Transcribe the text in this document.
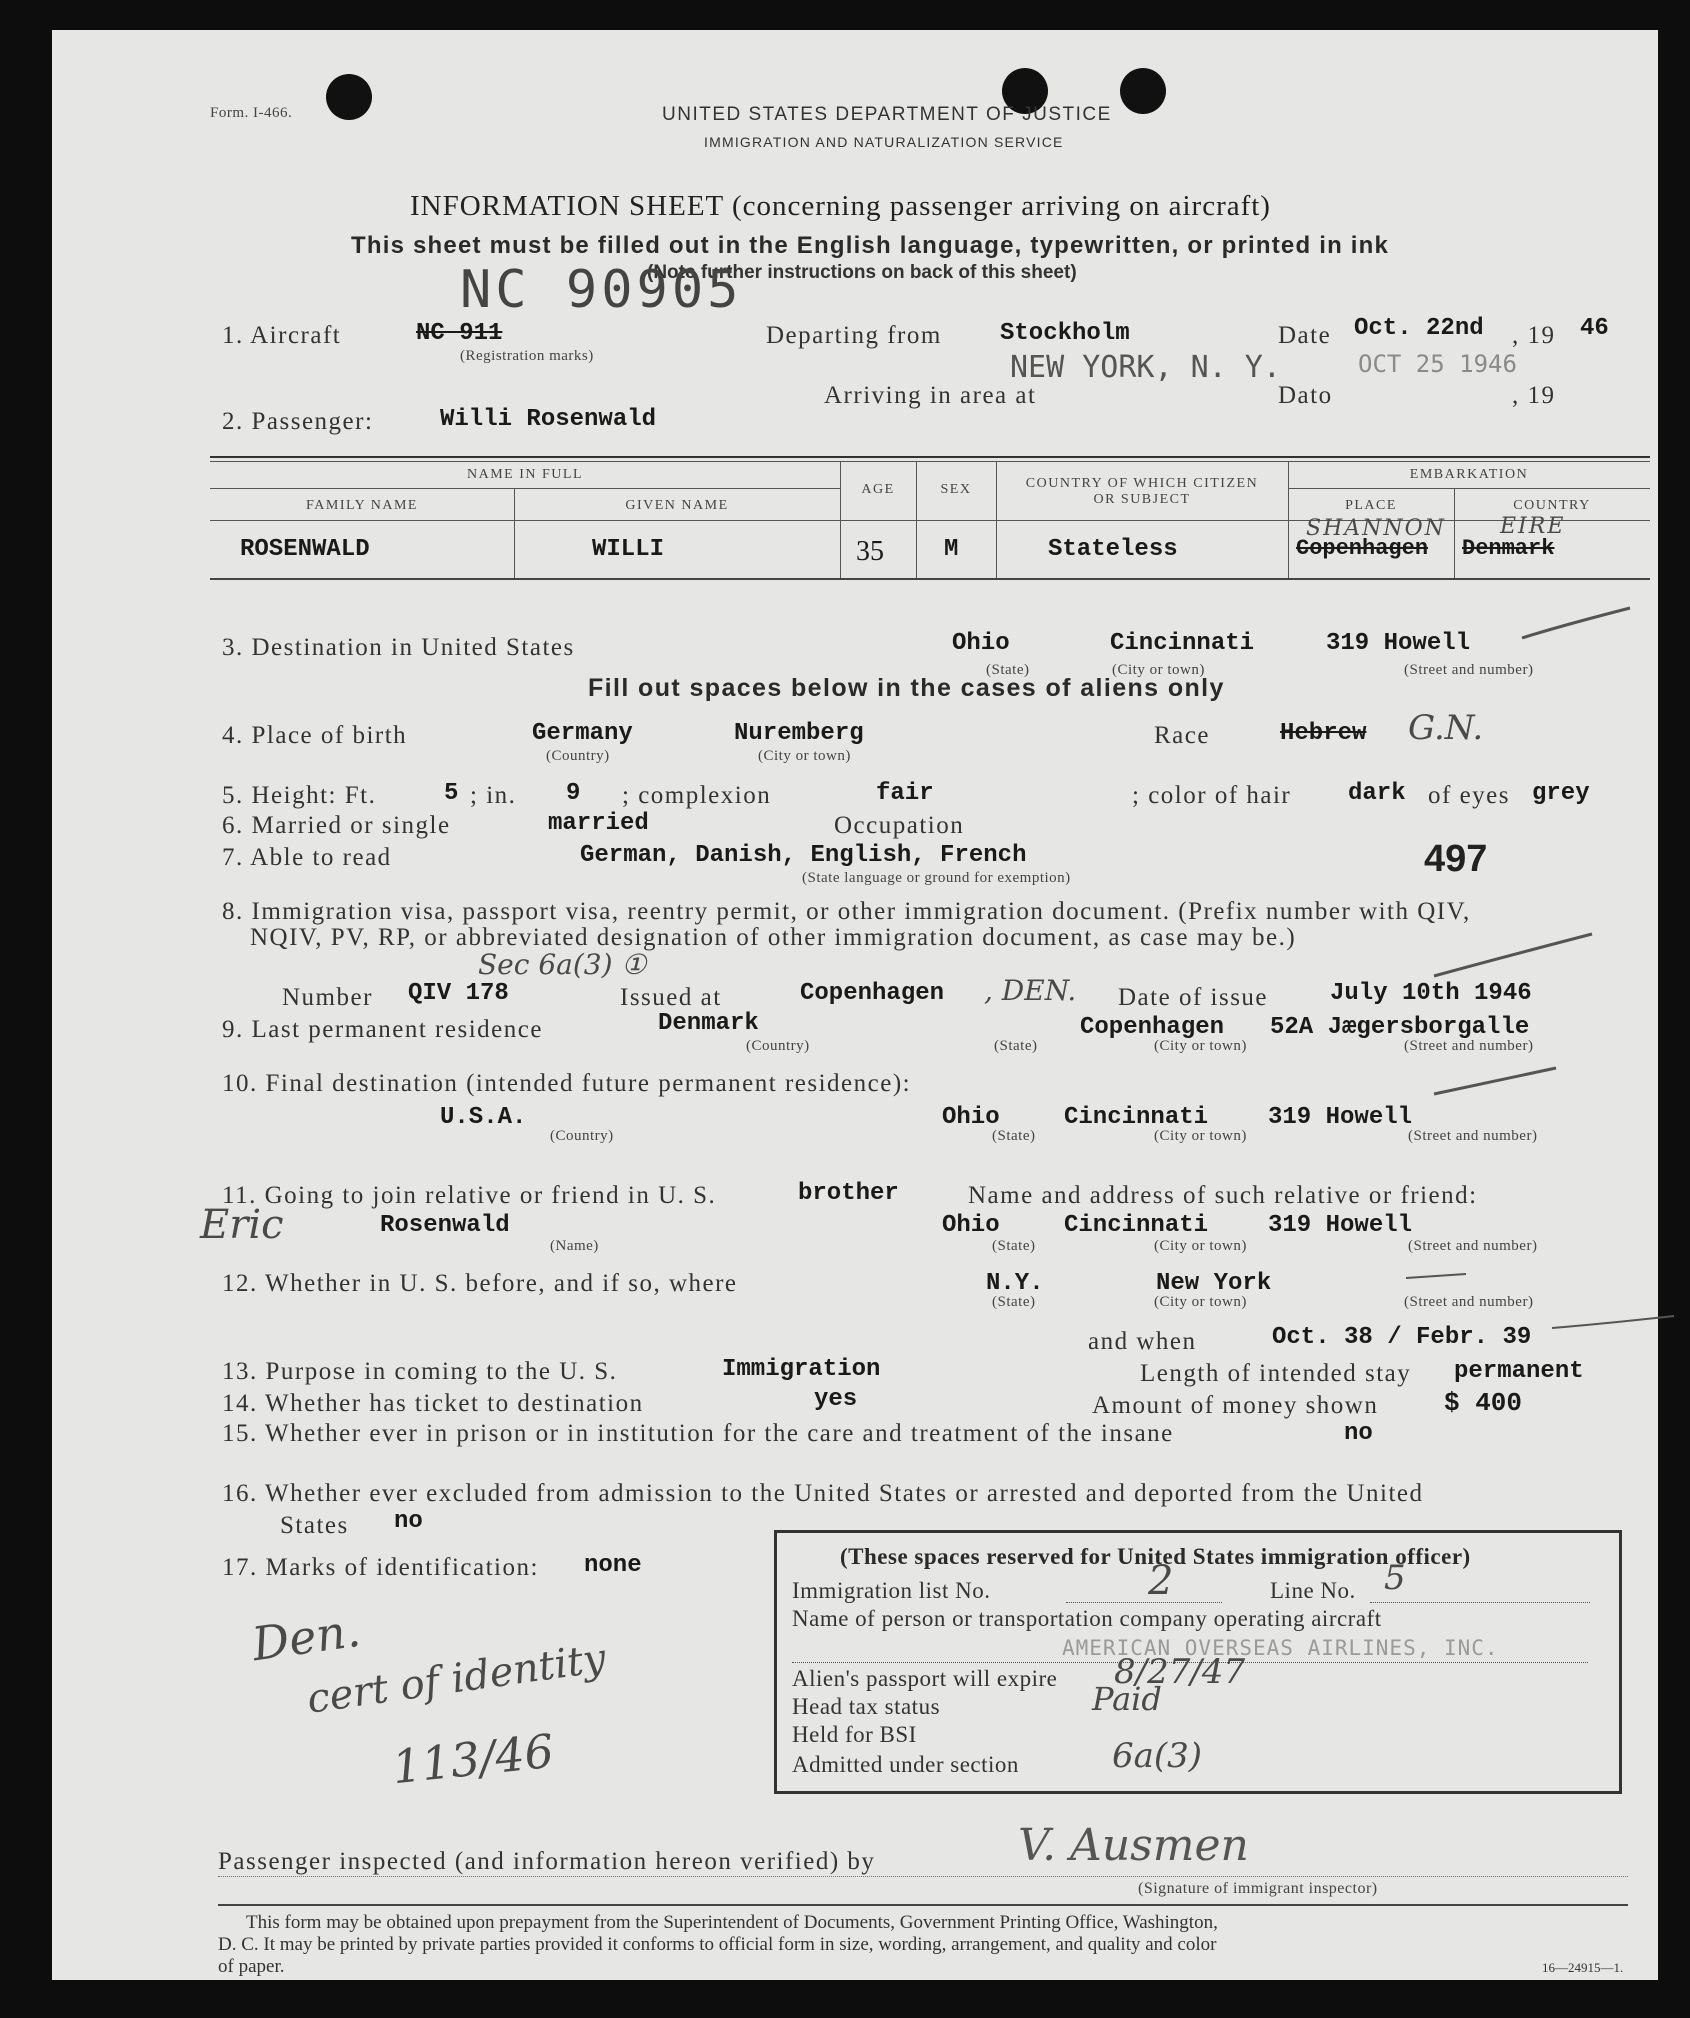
Form. I-466.	UNITED STATES DEPARTMENT OF JUSTICE
IMMIGRATION AND NATURALIZATION SERVICE
INFORMATION SHEET (concerning passenger arriving on aircraft)
This sheet must be filled out in the English language, typewritten, or printed in ink
(Note further instructions on back of this sheet)
NC 90905
1. Aircraft	NC 911
(Registration marks)
Departing from Stockholm	Date Oct. 22nd , 19 46
NEW YORK, N. Y.	OCT 25 1946
Arriving in area at	Dato	, 19
2. Passenger:	Willi Rosenwald
NAME IN FULL
FAMILY NAME	GIVEN NAME
AGE	SEX	COUNTRY OF WHICH CITIZEN OR SUBJECT
EMBARKATION
PLACE	COUNTRY
ROSENWALD	WILLI	35	M	Stateless	Copenhagen Denmark
SHANNON EIRE
3. Destination in United States	Ohio	Cincinnati	319 Howell
(State)	(City or town)	(Street and number)
Fill out spaces below in the cases of aliens only
4. Place of birth	Germany	Nuremberg
(Country)	(City or town)
Race	Hebrew G.N.
5. Height: Ft.	5 ; in. 9 ; complexion	fair	; color of hair dark of eyes grey
6. Married or single	married	Occupation
7. Able to read	German, Danish, English, French
(State language or ground for exemption)	497
8. Immigration visa, passport visa, reentry permit, or other immigration document. (Prefix number with QIV,
NQIV, PV, RP, or abbreviated designation of other immigration document, as case may be.)
Sec 6a(3) ①
Number QIV 178	Issued at	Copenhagen , DEN. Date of issue	July 10th 1946
9. Last permanent residence	Denmark	Copenhagen 52A Jægersborgalle
(Country)	(State)	(City or town)	(Street and number)
10. Final destination (intended future permanent residence):
U.S.A.	Ohio	Cincinnati 319 Howell
(Country)	(State)	(City or town)	(Street and number)
11. Going to join relative or friend in U. S.	brother	Name and address of such relative or friend:
Eric	Rosenwald	Ohio	Cincinnati 319 Howell
(Name)	(State)	(City or town)	(Street and number)
12. Whether in U. S. before, and if so, where	N.Y.	New York
(State)	(City or town)	(Street and number)
and when	Oct. 38 / Febr. 39
13. Purpose in coming to the U. S.	Immigration	Length of intended stay permanent
14. Whether has ticket to destination	yes	Amount of money shown	$ 400
15. Whether ever in prison or in institution for the care and treatment of the insane	no
16. Whether ever excluded from admission to the United States or arrested and deported from the United
States no
17. Marks of identification: none
Den.
cert of identity
113/46
(These spaces reserved for United States immigration officer)
Immigration list No.	2	Line No. 5
Name of person or transportation company operating aircraft
AMERICAN OVERSEAS AIRLINES, INC.
Alien's passport will expire 8/27/47
Head tax status	Paid
Held for BSI
Admitted under section	6a(3)
Passenger inspected (and information hereon verified) by	V. Ausmen
(Signature of immigrant inspector)
This form may be obtained upon prepayment from the Superintendent of Documents, Government Printing Office, Washington,
D. C. It may be printed by private parties provided it conforms to official form in size, wording, arrangement, and quality and color
of paper.	16—24915—1.
